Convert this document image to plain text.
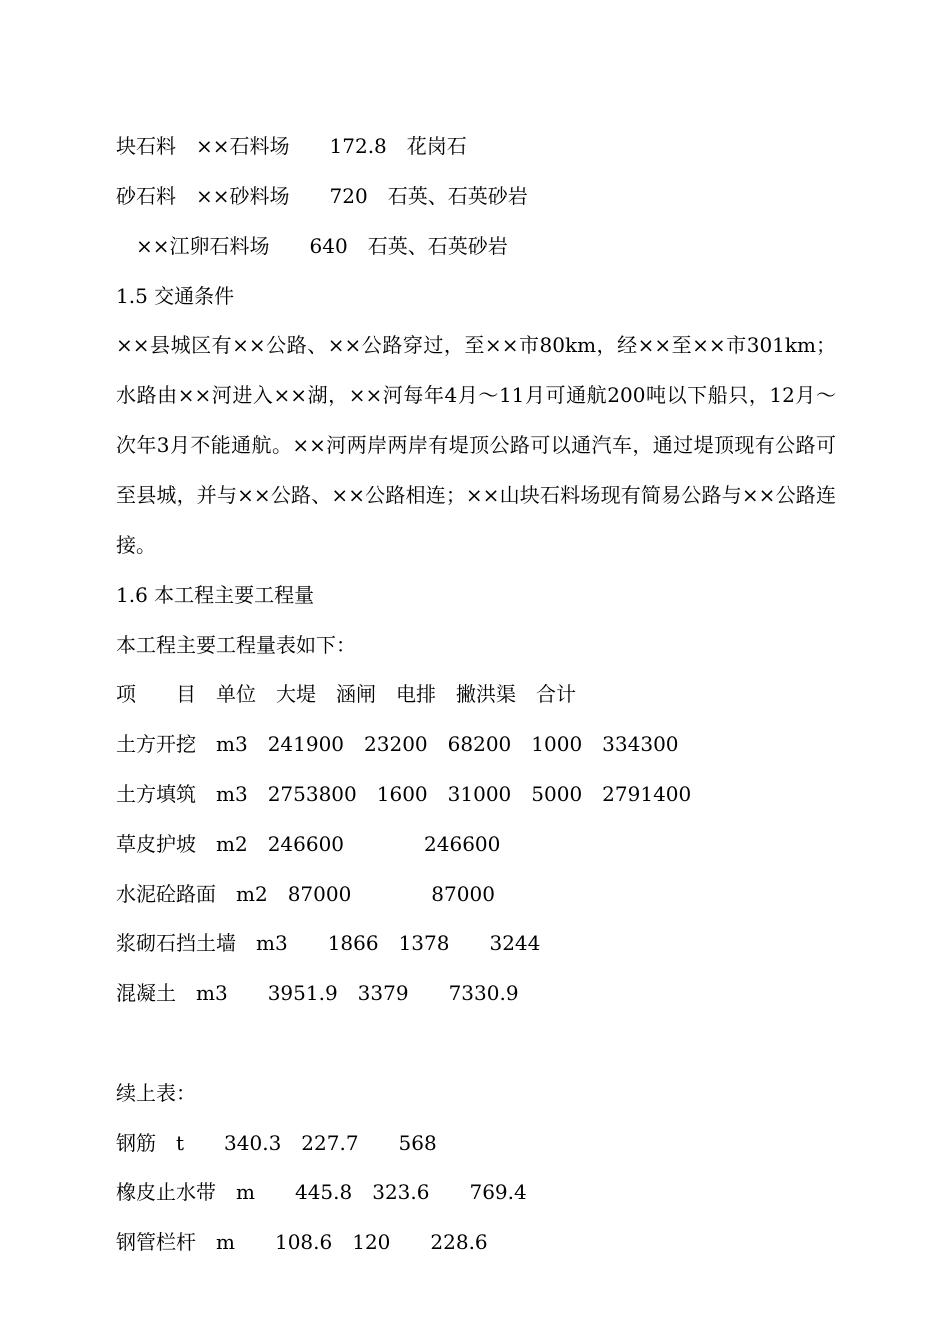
块石料　××石料场　　172.8　花岗石
砂石料　××砂料场　　720　石英、石英砂岩
　××江卵石料场　　640　石英、石英砂岩
1.5 交通条件
××县城区有××公路、××公路穿过，至××市80km，经××至××市301km；水路由××河进入××湖，××河每年4月～11月可通航200吨以下船只，12月～次年3月不能通航。××河两岸两岸有堤顶公路可以通汽车，通过堤顶现有公路可至县城，并与××公路、××公路相连；××山块石料场现有简易公路与××公路连接。
1.6 本工程主要工程量
本工程主要工程量表如下：
项　　目　单位　大堤　涵闸　电排　撇洪渠　合计
土方开挖　m3　241900　23200　68200　1000　334300
土方填筑　m3　2753800　1600　31000　5000　2791400
草皮护坡　m2　246600　　　　246600
水泥砼路面　m2　87000　　　　87000
浆砌石挡土墙　m3　　1866　1378　　3244
混凝土　m3　　3951.9　3379　　7330.9
续上表：
钢筋　t　　340.3　227.7　　568
橡皮止水带　m　　445.8　323.6　　769.4
钢管栏杆　m　　108.6　120　　228.6
